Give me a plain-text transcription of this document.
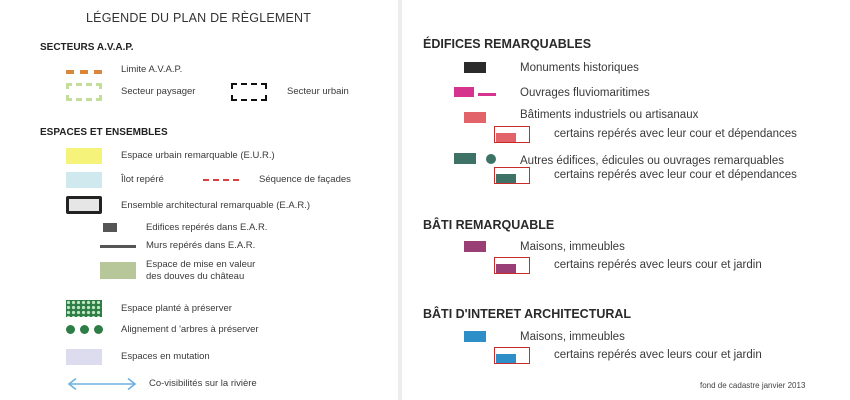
LÉGENDE DU PLAN DE RÈGLEMENT
SECTEURS A.V.A.P.
Limite A.V.A.P.
Secteur paysager	Secteur urbain
ESPACES ET ENSEMBLES
Espace urbain remarquable (E.U.R.)
Îlot repéré	Séquence de façades
Ensemble architectural remarquable (E.A.R.)
Edifices repérés dans E.A.R.
Murs repérés dans E.A.R.
Espace de mise en valeur
des douves du château
Espace planté à préserver
Alignement d 'arbres à préserver
Espaces en mutation
Co-visibilités sur la rivière
ÉDIFICES REMARQUABLES
Monuments historiques
Ouvrages fluviomaritimes
Bâtiments industriels ou artisanaux
certains repérés avec leur cour et dépendances
Autres édifices, édicules ou ouvrages remarquables
certains repérés avec leur cour et dépendances
BÂTI REMARQUABLE
Maisons, immeubles
certains repérés avec leurs cour et jardin
BÂTI D'INTERET ARCHITECTURAL
Maisons, immeubles
certains repérés avec leurs cour et jardin
fond de cadastre janvier 2013
